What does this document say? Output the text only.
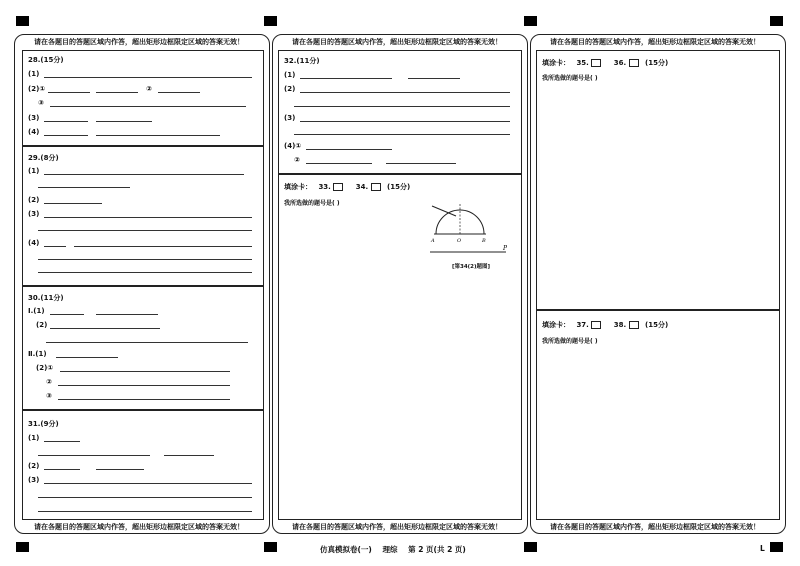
请在各题目的答题区域内作答，超出矩形边框限定区域的答案无效！
请在各题目的答题区域内作答，超出矩形边框限定区域的答案无效！
28.(15分)
(1)
(2)①	②
③
(3)
(4)
29.(8分)
(1)
(2)
(3)
(4)
30.(11分)
Ⅰ.(1)
(2)
Ⅱ.(1)
(2)①
②
③
31.(9分)
(1)
(2)
(3)
请在各题目的答题区域内作答，超出矩形边框限定区域的答案无效！
请在各题目的答题区域内作答，超出矩形边框限定区域的答案无效！
32.(11分)
(1)
(2)
(3)
(4)①
②
填涂卡： 33.	34.	(15分)
我所选做的题号是( )
A	O	B
P
[第34(2)题图]
请在各题目的答题区域内作答，超出矩形边框限定区域的答案无效！
请在各题目的答题区域内作答，超出矩形边框限定区域的答案无效！
填涂卡： 35.	36.	(15分)
我所选做的题号是( )
填涂卡： 37.	38.	(15分)
我所选做的题号是( )
仿真模拟卷(一) 理综 第 2 页(共 2 页)	L
